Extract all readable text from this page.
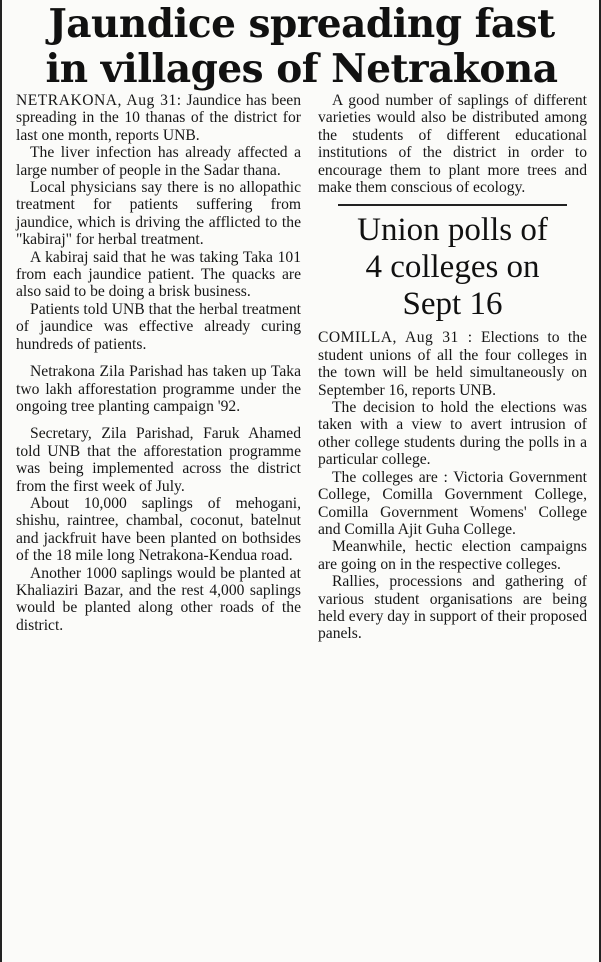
Jaundice spreading fast
in villages of Netrakona

NETRAKONA, Aug 31: Jaundice has been spreading in the 10 thanas of the district for last one month, reports UNB.

The liver infection has already affected a large number of people in the Sadar thana.

Local physicians say there is no allopathic treatment for patients suffering from jaundice, which is driving the afflicted to the "kabiraj" for herbal treatment.

A kabiraj said that he was taking Taka 101 from each jaundice patient. The quacks are also said to be doing a brisk business.

Patients told UNB that the herbal treatment of jaundice was effective already curing hundreds of patients.

Netrakona Zila Parishad has taken up Taka two lakh afforestation programme under the ongoing tree planting campaign '92.

Secretary, Zila Parishad, Faruk Ahamed told UNB that the afforestation programme was being implemented across the district from the first week of July.

About 10,000 saplings of mehogani, shishu, raintree, chambal, coconut, batelnut and jackfruit have been planted on bothsides of the 18 mile long Netrakona-Kendua road.

Another 1000 saplings would be planted at Khaliaziri Bazar, and the rest 4,000 saplings would be planted along other roads of the district.

A good number of saplings of different varieties would also be distributed among the students of different educational institutions of the district in order to encourage them to plant more trees and make them conscious of ecology.

Union polls of
4 colleges on
Sept 16

COMILLA, Aug 31 : Elections to the student unions of all the four colleges in the town will be held simultaneously on September 16, reports UNB.

The decision to hold the elections was taken with a view to avert intrusion of other college students during the polls in a particular college.

The colleges are : Victoria Government College, Comilla Government College, Comilla Government Womens' College and Comilla Ajit Guha College.

Meanwhile, hectic election campaigns are going on in the respective colleges.

Rallies, processions and gathering of various student organisations are being held every day in support of their proposed panels.
